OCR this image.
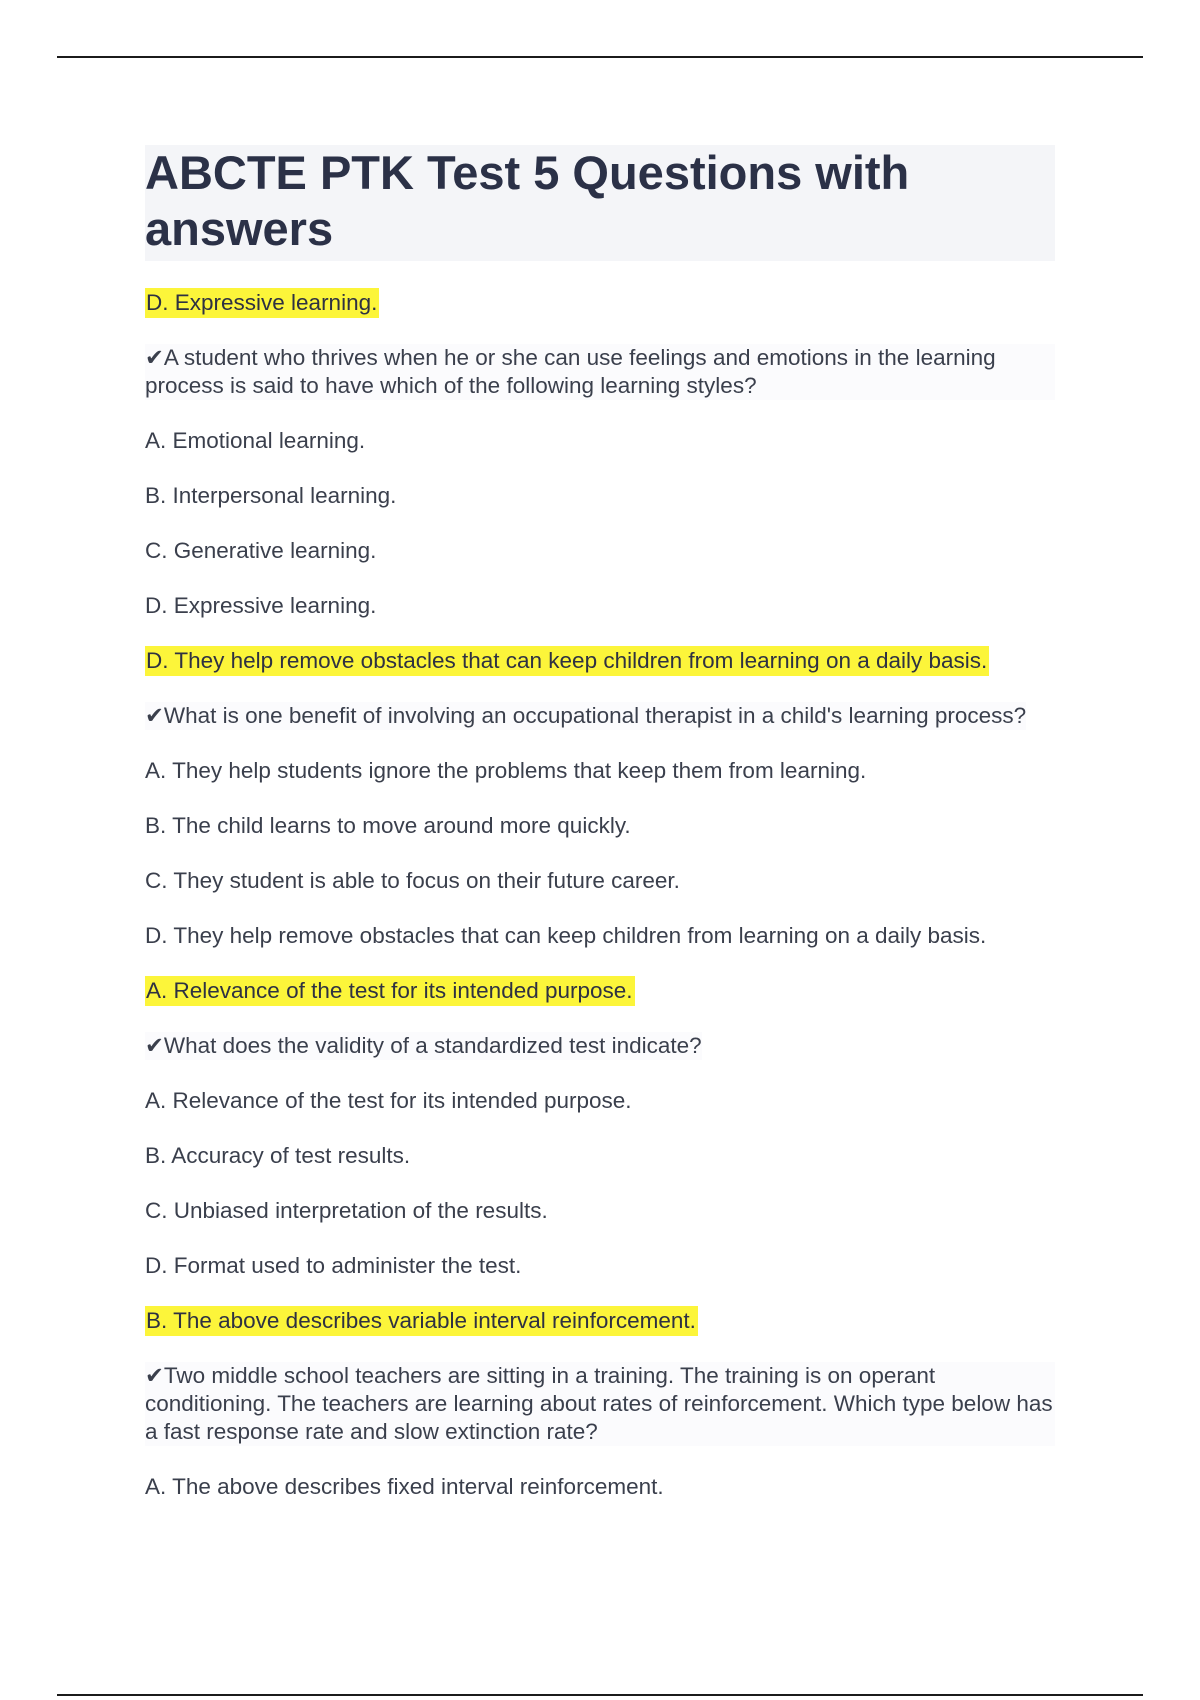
ABCTE PTK Test 5 Questions with answers

D. Expressive learning.

✔A student who thrives when he or she can use feelings and emotions in the learning process is said to have which of the following learning styles?

A. Emotional learning.

B. Interpersonal learning.

C. Generative learning.

D. Expressive learning.

D. They help remove obstacles that can keep children from learning on a daily basis.

✔What is one benefit of involving an occupational therapist in a child's learning process?

A. They help students ignore the problems that keep them from learning.

B. The child learns to move around more quickly.

C. They student is able to focus on their future career.

D. They help remove obstacles that can keep children from learning on a daily basis.

A. Relevance of the test for its intended purpose.

✔What does the validity of a standardized test indicate?

A. Relevance of the test for its intended purpose.

B. Accuracy of test results.

C. Unbiased interpretation of the results.

D. Format used to administer the test.

B. The above describes variable interval reinforcement.

✔Two middle school teachers are sitting in a training. The training is on operant conditioning. The teachers are learning about rates of reinforcement. Which type below has a fast response rate and slow extinction rate?

A. The above describes fixed interval reinforcement.
